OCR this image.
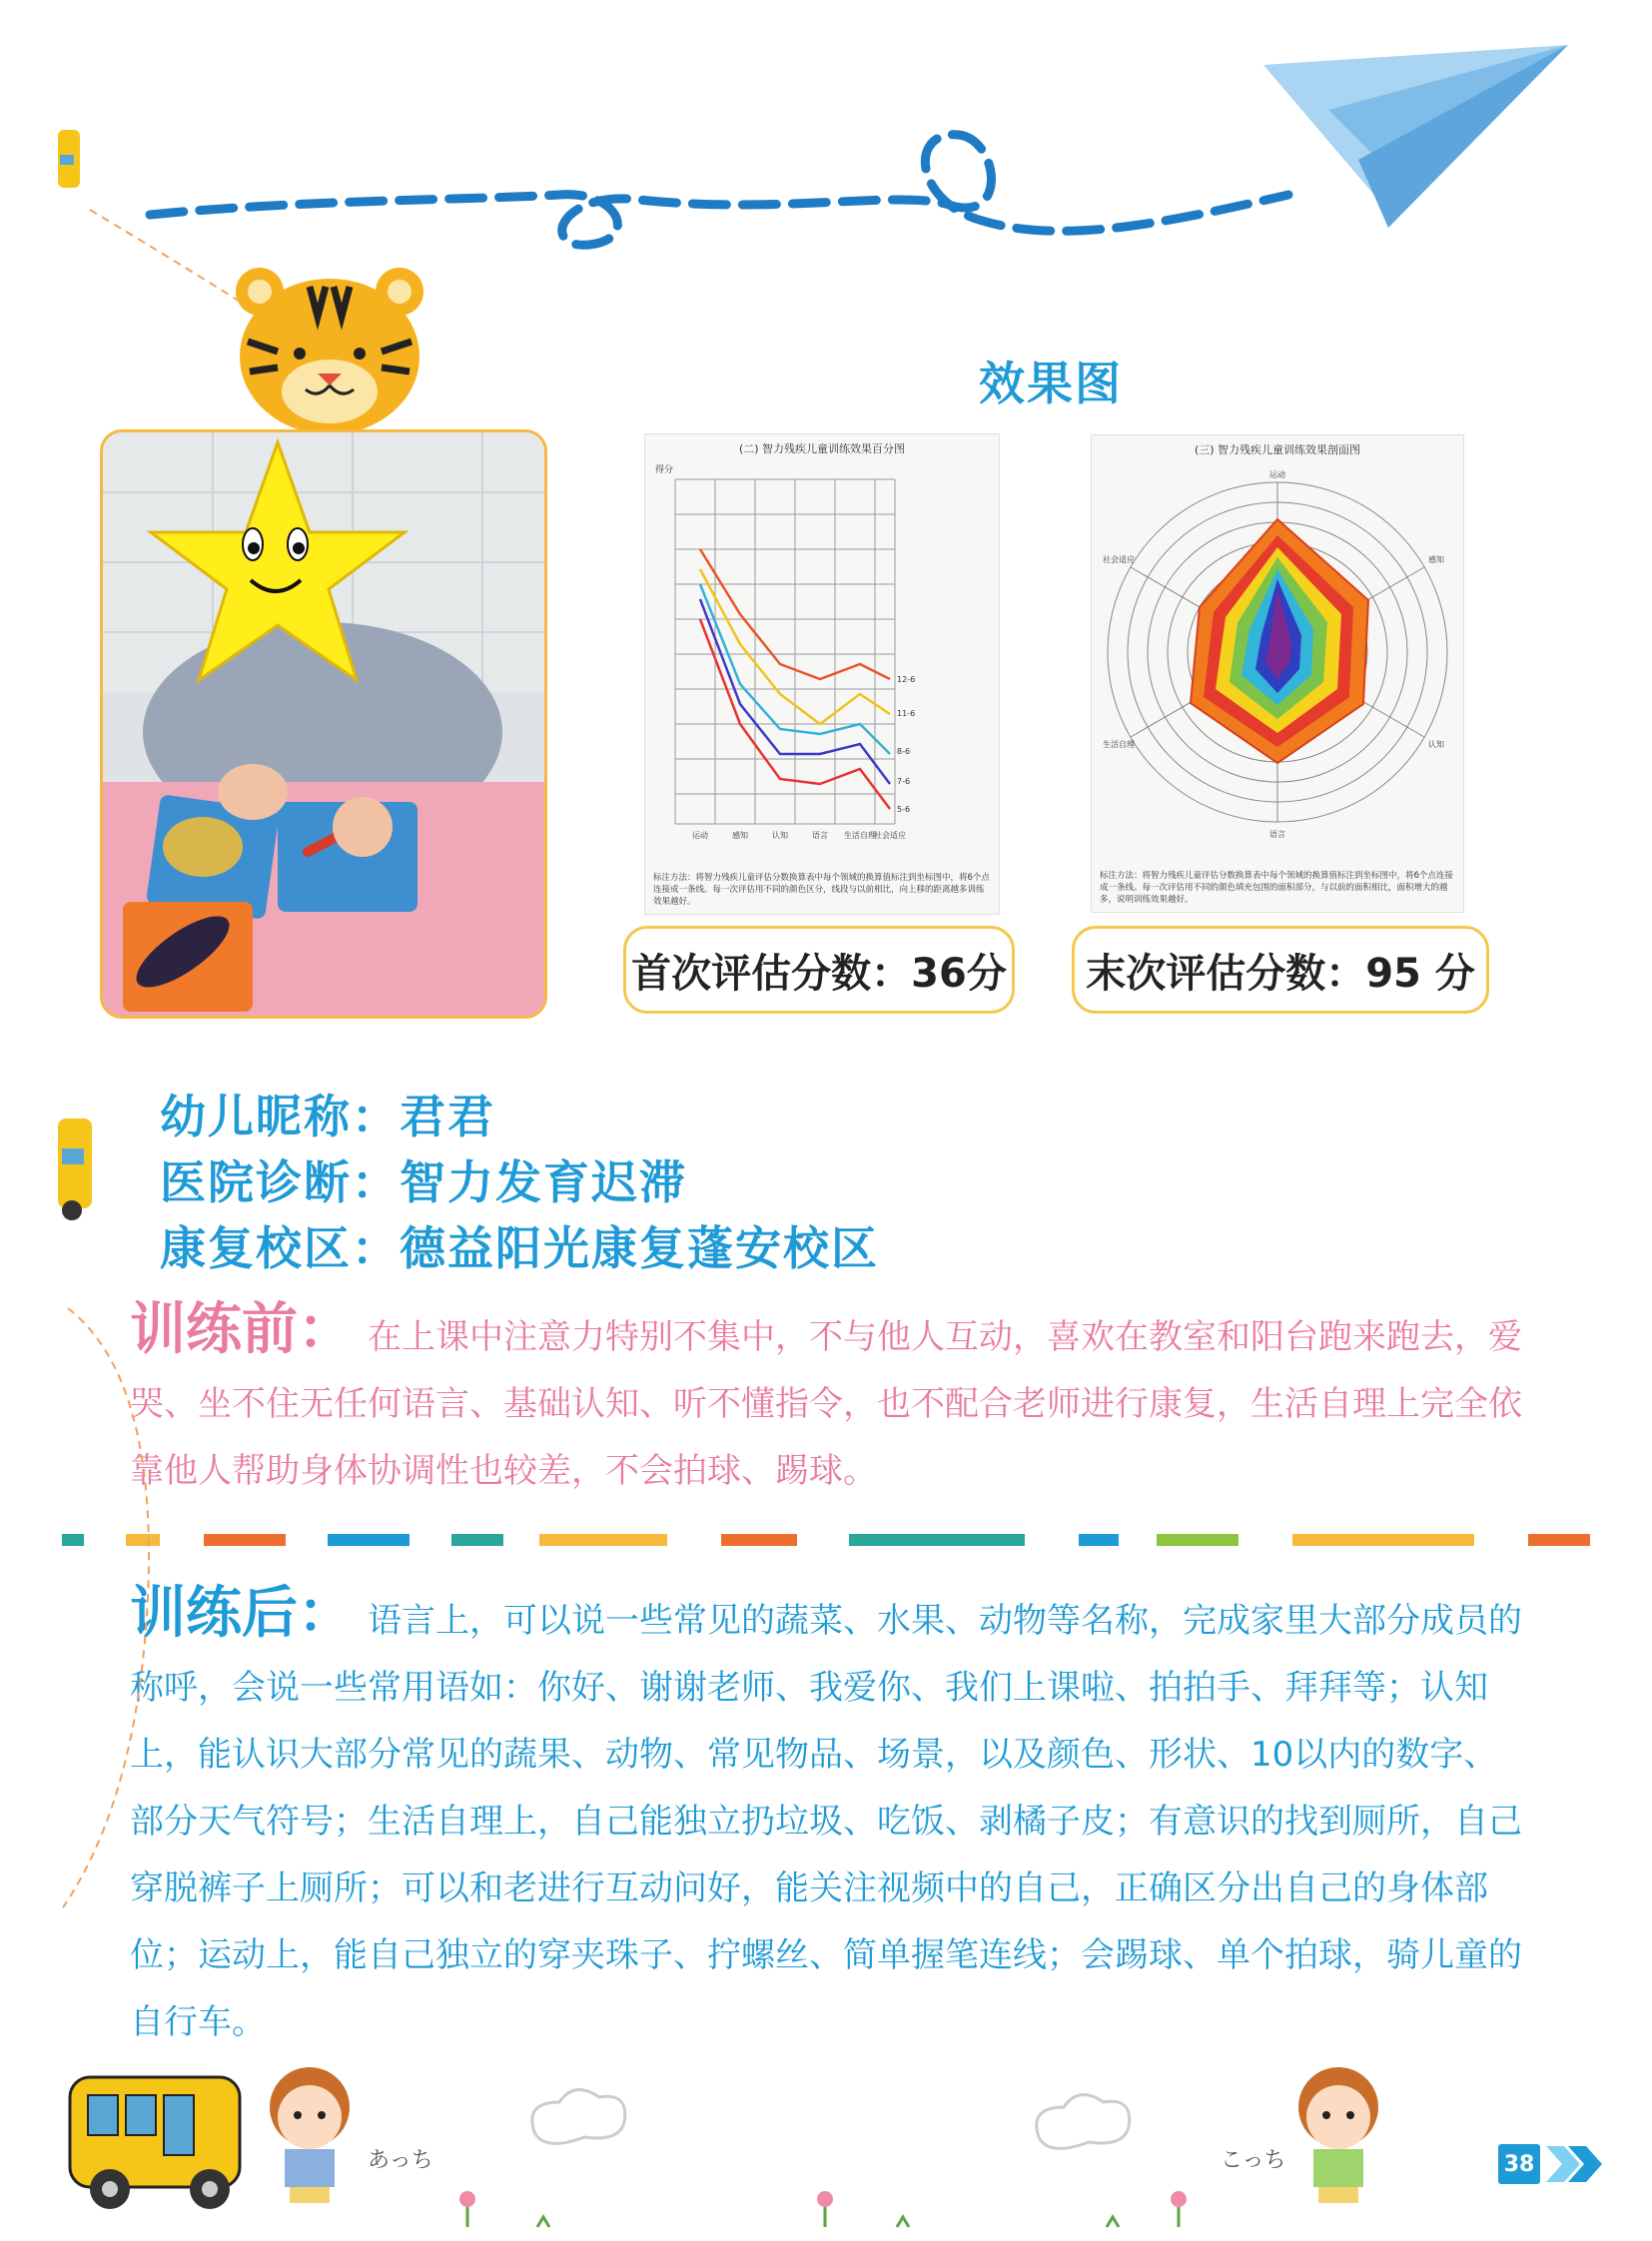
效果图
(二) 智力残疾儿童训练效果百分图
得分
运动	感知	认知	语言 生活自理
社会适应
12-6
11-6
8-6
7-6
5-6
标注方法：将智力残疾儿童评估分数换算表中每个领域的换算值标注到坐标图中，将6个点连接成一条线。每一次评估用不同的颜色区分，线段与以前相比，向上移的距离越多训练效果越好。
(三) 智力残疾儿童训练效果剖面图
运动
感知
认知
语言
生活自理
社会适应
标注方法：将智力残疾儿童评估分数换算表中每个领域的换算值标注到坐标图中，将6个点连接成一条线。每一次评估用不同的颜色填充包围的面积部分，与以前的面积相比，面积增大的越多，说明训练效果越好。
首次评估分数：36分	末次评估分数：95 分
幼儿昵称：君君
医院诊断：智力发育迟滞
康复校区：德益阳光康复蓬安校区
训练前： 在上课中注意力特别不集中，不与他人互动，喜欢在教室和阳台跑来跑去，爱哭、坐不住无任何语言、基础认知、听不懂指令，也不配合老师进行康复，生活自理上完全依靠他人帮助身体协调性也较差，不会拍球、踢球。
训练后： 语言上，可以说一些常见的蔬菜、水果、动物等名称，完成家里大部分成员的称呼，会说一些常用语如：你好、谢谢老师、我爱你、我们上课啦、拍拍手、拜拜等；认知上，能认识大部分常见的蔬果、动物、常见物品、场景，以及颜色、形状、10以内的数字、部分天气符号；生活自理上，自己能独立扔垃圾、吃饭、剥橘子皮；有意识的找到厕所，自己穿脱裤子上厕所；可以和老进行互动问好，能关注视频中的自己，正确区分出自己的身体部位；运动上，能自己独立的穿夹珠子、拧螺丝、简单握笔连线；会踢球、单个拍球，骑儿童的自行车。
あっち	こっち	38
